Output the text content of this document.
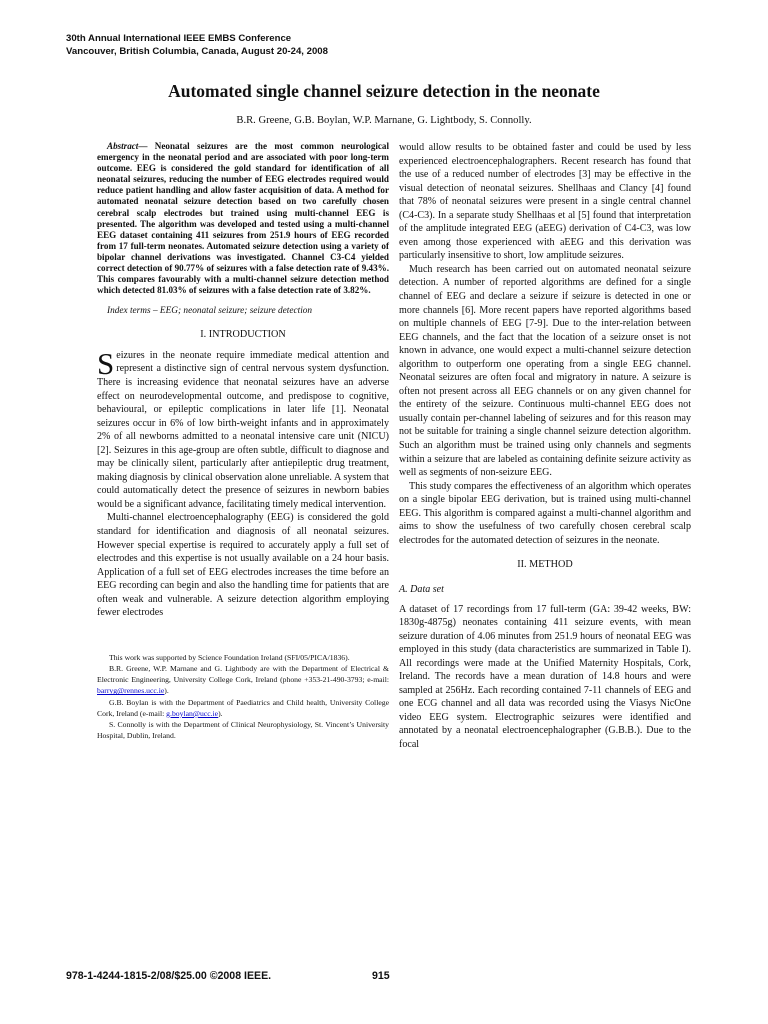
30th Annual International IEEE EMBS Conference
Vancouver, British Columbia, Canada, August 20-24, 2008
Automated single channel seizure detection in the neonate
B.R. Greene, G.B. Boylan, W.P. Marnane, G. Lightbody, S. Connolly.

Abstract— Neonatal seizures are the most common neurological emergency in the neonatal period and are associated with poor long-term outcome. EEG is considered the gold standard for identification of all neonatal seizures, reducing the number of EEG electrodes required would reduce patient handling and allow faster acquisition of data. A method for automated neonatal seizure detection based on two carefully chosen cerebral scalp electrodes but trained using multi-channel EEG is presented. The algorithm was developed and tested using a multi-channel EEG dataset containing 411 seizures from 251.9 hours of EEG recorded from 17 full-term neonates. Automated seizure detection using a variety of bipolar channel derivations was investigated. Channel C3-C4 yielded correct detection of 90.77% of seizures with a false detection rate of 9.43%. This compares favourably with a multi-channel seizure detection method which detected 81.03% of seizures with a false detection rate of 3.82%.

Index terms – EEG; neonatal seizure; seizure detection

I. INTRODUCTION

Seizures in the neonate require immediate medical attention and represent a distinctive sign of central nervous system dysfunction. There is increasing evidence that neonatal seizures have an adverse effect on neurodevelopmental outcome, and predispose to cognitive, behavioural, or epileptic complications in later life [1]. Neonatal seizures occur in 6% of low birth-weight infants and in approximately 2% of all newborns admitted to a neonatal intensive care unit (NICU) [2]. Seizures in this age-group are often subtle, difficult to diagnose and may be clinically silent, particularly after antiepileptic drug treatment, making diagnosis by clinical observation alone unreliable. A system that could automatically detect the presence of seizures in newborn babies would be a significant advance, facilitating timely medical intervention.

Multi-channel electroencephalography (EEG) is considered the gold standard for identification and diagnosis of all neonatal seizures. However special expertise is required to accurately apply a full set of electrodes and this expertise is not usually available on a 24 hour basis. Application of a full set of EEG electrodes increases the time before an EEG recording can begin and also the handling time for patients that are often weak and vulnerable. A seizure detection algorithm employing fewer electrodes

This work was supported by Science Foundation Ireland (SFI/05/PICA/1836).

B.R. Greene, W.P. Marnane and G. Lightbody are with the Department of Electrical & Electronic Engineering, University College Cork, Ireland (phone +353-21-490-3793; e-mail: barryg@rennes.ucc.ie).

G.B. Boylan is with the Department of Paediatrics and Child health, University College Cork, Ireland (e-mail: g.boylan@ucc.ie).

S. Connolly is with the Department of Clinical Neurophysiology, St. Vincent’s University Hospital, Dublin, Ireland.

would allow results to be obtained faster and could be used by less experienced electroencephalographers. Recent research has found that the use of a reduced number of electrodes [3] may be effective in the visual detection of neonatal seizures. Shellhaas and Clancy [4] found that 78% of neonatal seizures were present in a single central channel (C4-C3). In a separate study Shellhaas et al [5] found that interpretation of the amplitude integrated EEG (aEEG) derivation of C4-C3, was low even among those experienced with aEEG and this derivation was particularly insensitive to short, low amplitude seizures.

Much research has been carried out on automated neonatal seizure detection. A number of reported algorithms are defined for a single channel of EEG and declare a seizure if seizure is detected in one or more channels [6]. More recent papers have reported algorithms based on multiple channels of EEG [7-9]. Due to the inter-relation between EEG channels, and the fact that the location of a seizure onset is not known in advance, one would expect a multi-channel seizure detection algorithm to outperform one operating from a single EEG channel. Neonatal seizures are often focal and migratory in nature. A seizure is often not present across all EEG channels or on any given channel for the entirety of the seizure. Continuous multi-channel EEG does not usually contain per-channel labeling of seizures and for this reason may not be suitable for training a single channel seizure detection algorithm. Such an algorithm must be trained using only channels and segments within a seizure that are labeled as containing definite seizure activity as well as segments of non-seizure EEG.

This study compares the effectiveness of an algorithm which operates on a single bipolar EEG derivation, but is trained using multi-channel EEG. This algorithm is compared against a multi-channel algorithm and aims to show the usefulness of two carefully chosen cerebral scalp electrodes for the automated detection of seizures in the neonate.

II. METHOD

A. Data set

A dataset of 17 recordings from 17 full-term (GA: 39-42 weeks, BW: 1830g-4875g) neonates containing 411 seizure events, with mean seizure duration of 4.06 minutes from 251.9 hours of neonatal EEG was employed in this study (data characteristics are summarized in Table I). All recordings were made at the Unified Maternity Hospitals, Cork, Ireland. The records have a mean duration of 14.8 hours and were sampled at 256Hz. Each recording contained 7-11 channels of EEG and one ECG channel and all data was recorded using the Viasys NicOne video EEG system. Electrographic seizures were identified and annotated by a neonatal electroencephalographer (G.B.B.). Due to the focal

978-1-4244-1815-2/08/$25.00 ©2008 IEEE.	915
